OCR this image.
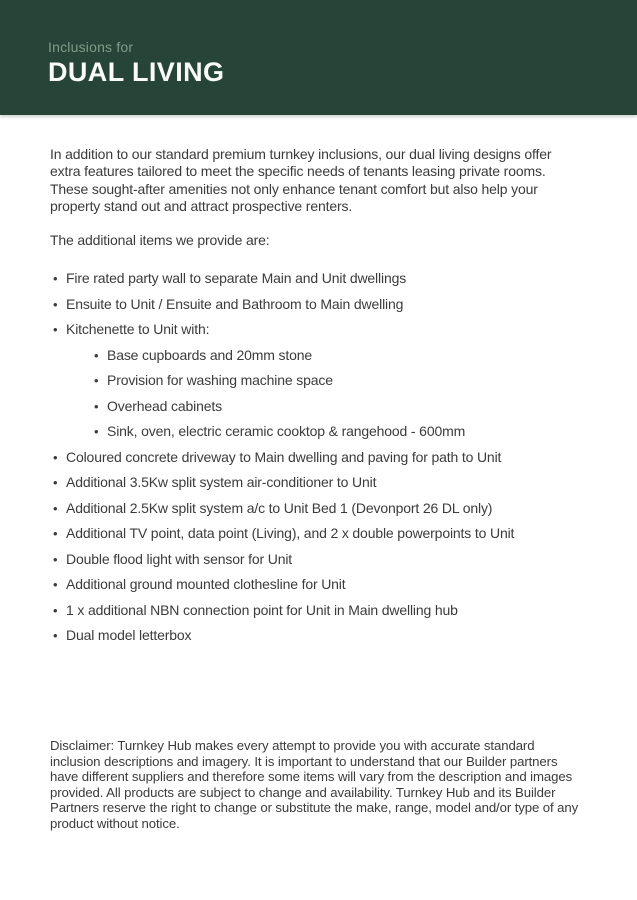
Inclusions for
DUAL LIVING

In addition to our standard premium turnkey inclusions, our dual living designs offer extra features tailored to meet the specific needs of tenants leasing private rooms. These sought-after amenities not only enhance tenant comfort but also help your property stand out and attract prospective renters.

The additional items we provide are:

• Fire rated party wall to separate Main and Unit dwellings
• Ensuite to Unit / Ensuite and Bathroom to Main dwelling
• Kitchenette to Unit with:
• Base cupboards and 20mm stone
• Provision for washing machine space
• Overhead cabinets
• Sink, oven, electric ceramic cooktop & rangehood - 600mm
• Coloured concrete driveway to Main dwelling and paving for path to Unit
• Additional 3.5Kw split system air-conditioner to Unit
• Additional 2.5Kw split system a/c to Unit Bed 1 (Devonport 26 DL only)
• Additional TV point, data point (Living), and 2 x double powerpoints to Unit
• Double flood light with sensor for Unit
• Additional ground mounted clothesline for Unit
• 1 x additional NBN connection point for Unit in Main dwelling hub
• Dual model letterbox

Disclaimer: Turnkey Hub makes every attempt to provide you with accurate standard inclusion descriptions and imagery. It is important to understand that our Builder partners have different suppliers and therefore some items will vary from the description and images provided. All products are subject to change and availability. Turnkey Hub and its Builder Partners reserve the right to change or substitute the make, range, model and/or type of any product without notice.
